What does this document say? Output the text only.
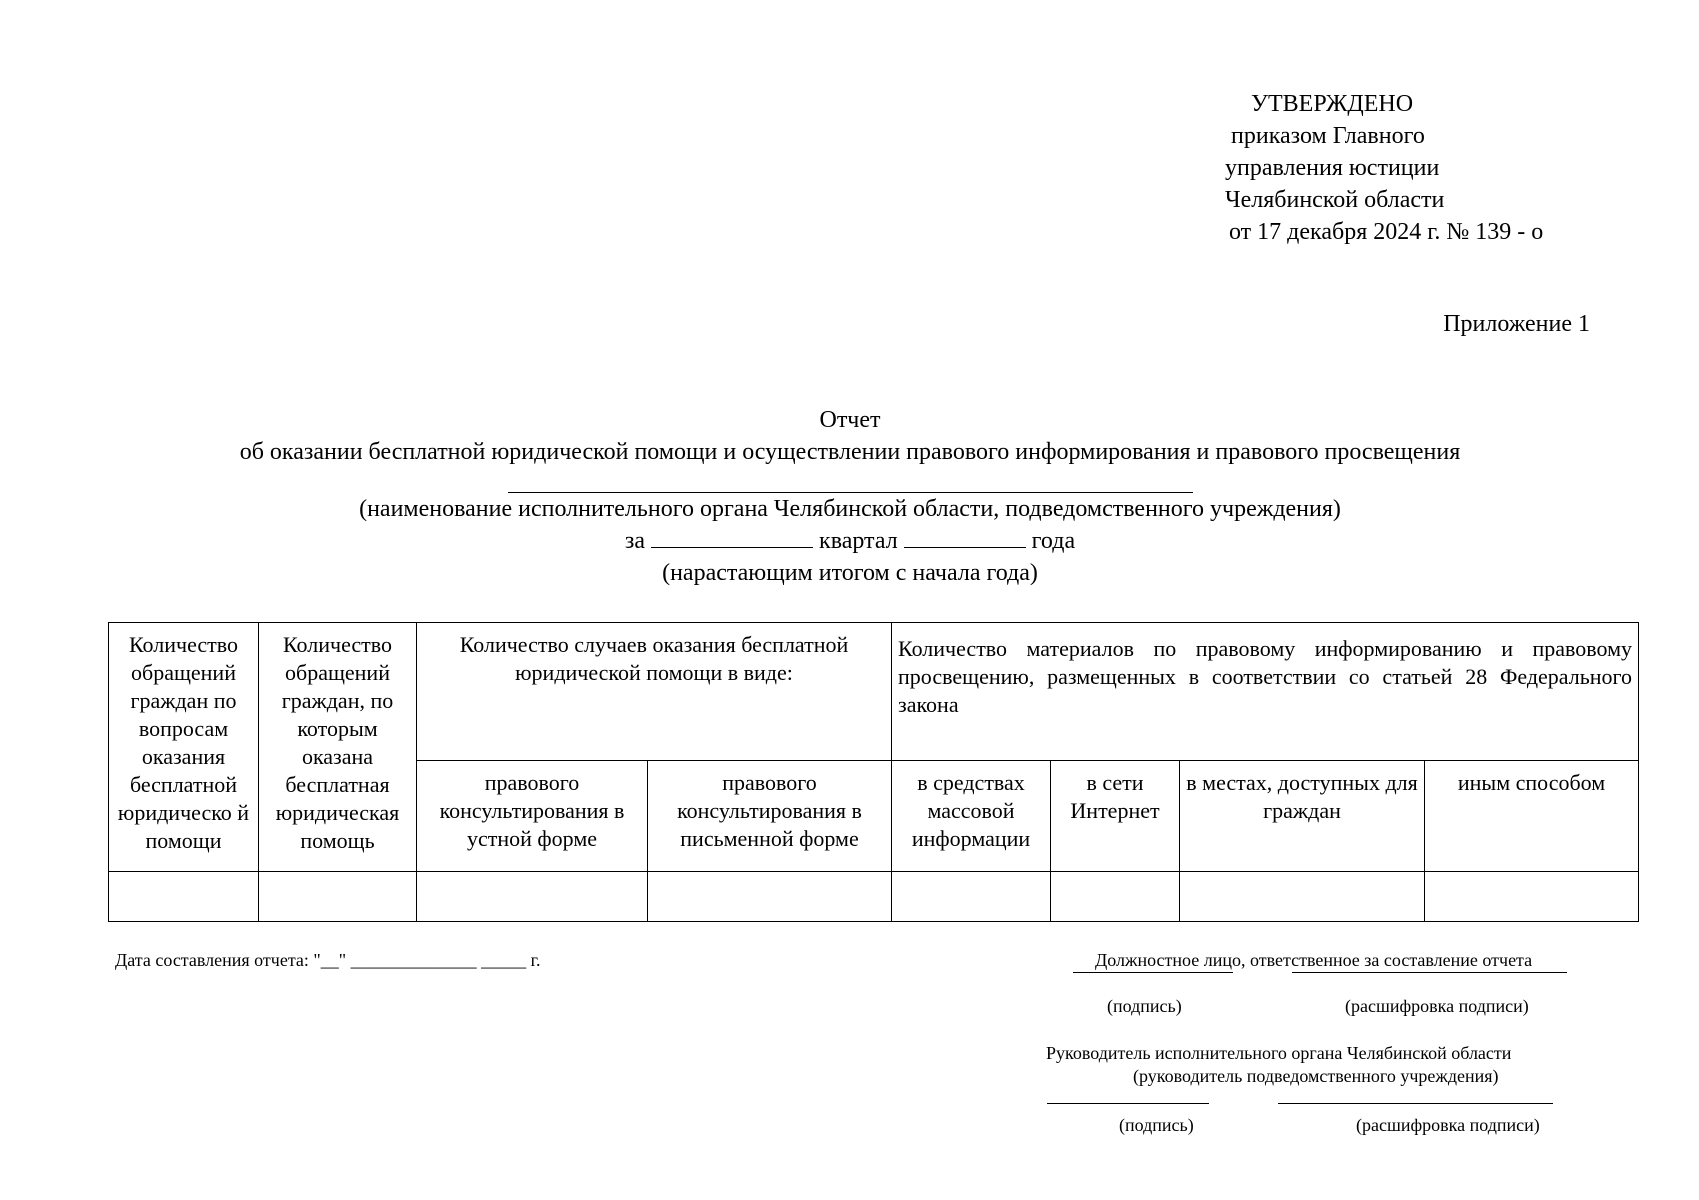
УТВЕРЖДЕНО
приказом Главного
управления юстиции
Челябинской области
от 17 декабря 2024 г. № 139 - о
Приложение 1
Отчет
об оказании бесплатной юридической помощи и осуществлении правового информирования и правового просвещения
(наименование исполнительного органа Челябинской области, подведомственного учреждения)
за	квартал	года
(нарастающим итогом с начала года)
Количество обращений граждан по вопросам оказания бесплатной юридическо й помощи	Количество обращений граждан, по которым оказана бесплатная юридическая помощь	Количество случаев оказания бесплатной юридической помощи в виде:		Количество материалов по правовому информированию и правовому просвещению, размещенных в соответствии со статьей 28 Федерального закона			
		правового консультирования в устной форме	правового консультирования в письменной форме	в средствах массовой информации	в сети Интернет	в местах, доступных для граждан	иным способом

Дата составления отчета: "__" ______________ _____ г.	Должностное лицо, ответственное за составление отчета
(подпись)	(расшифровка подписи)
Руководитель исполнительного органа Челябинской области
(руководитель подведомственного учреждения)
(подпись)	(расшифровка подписи)
